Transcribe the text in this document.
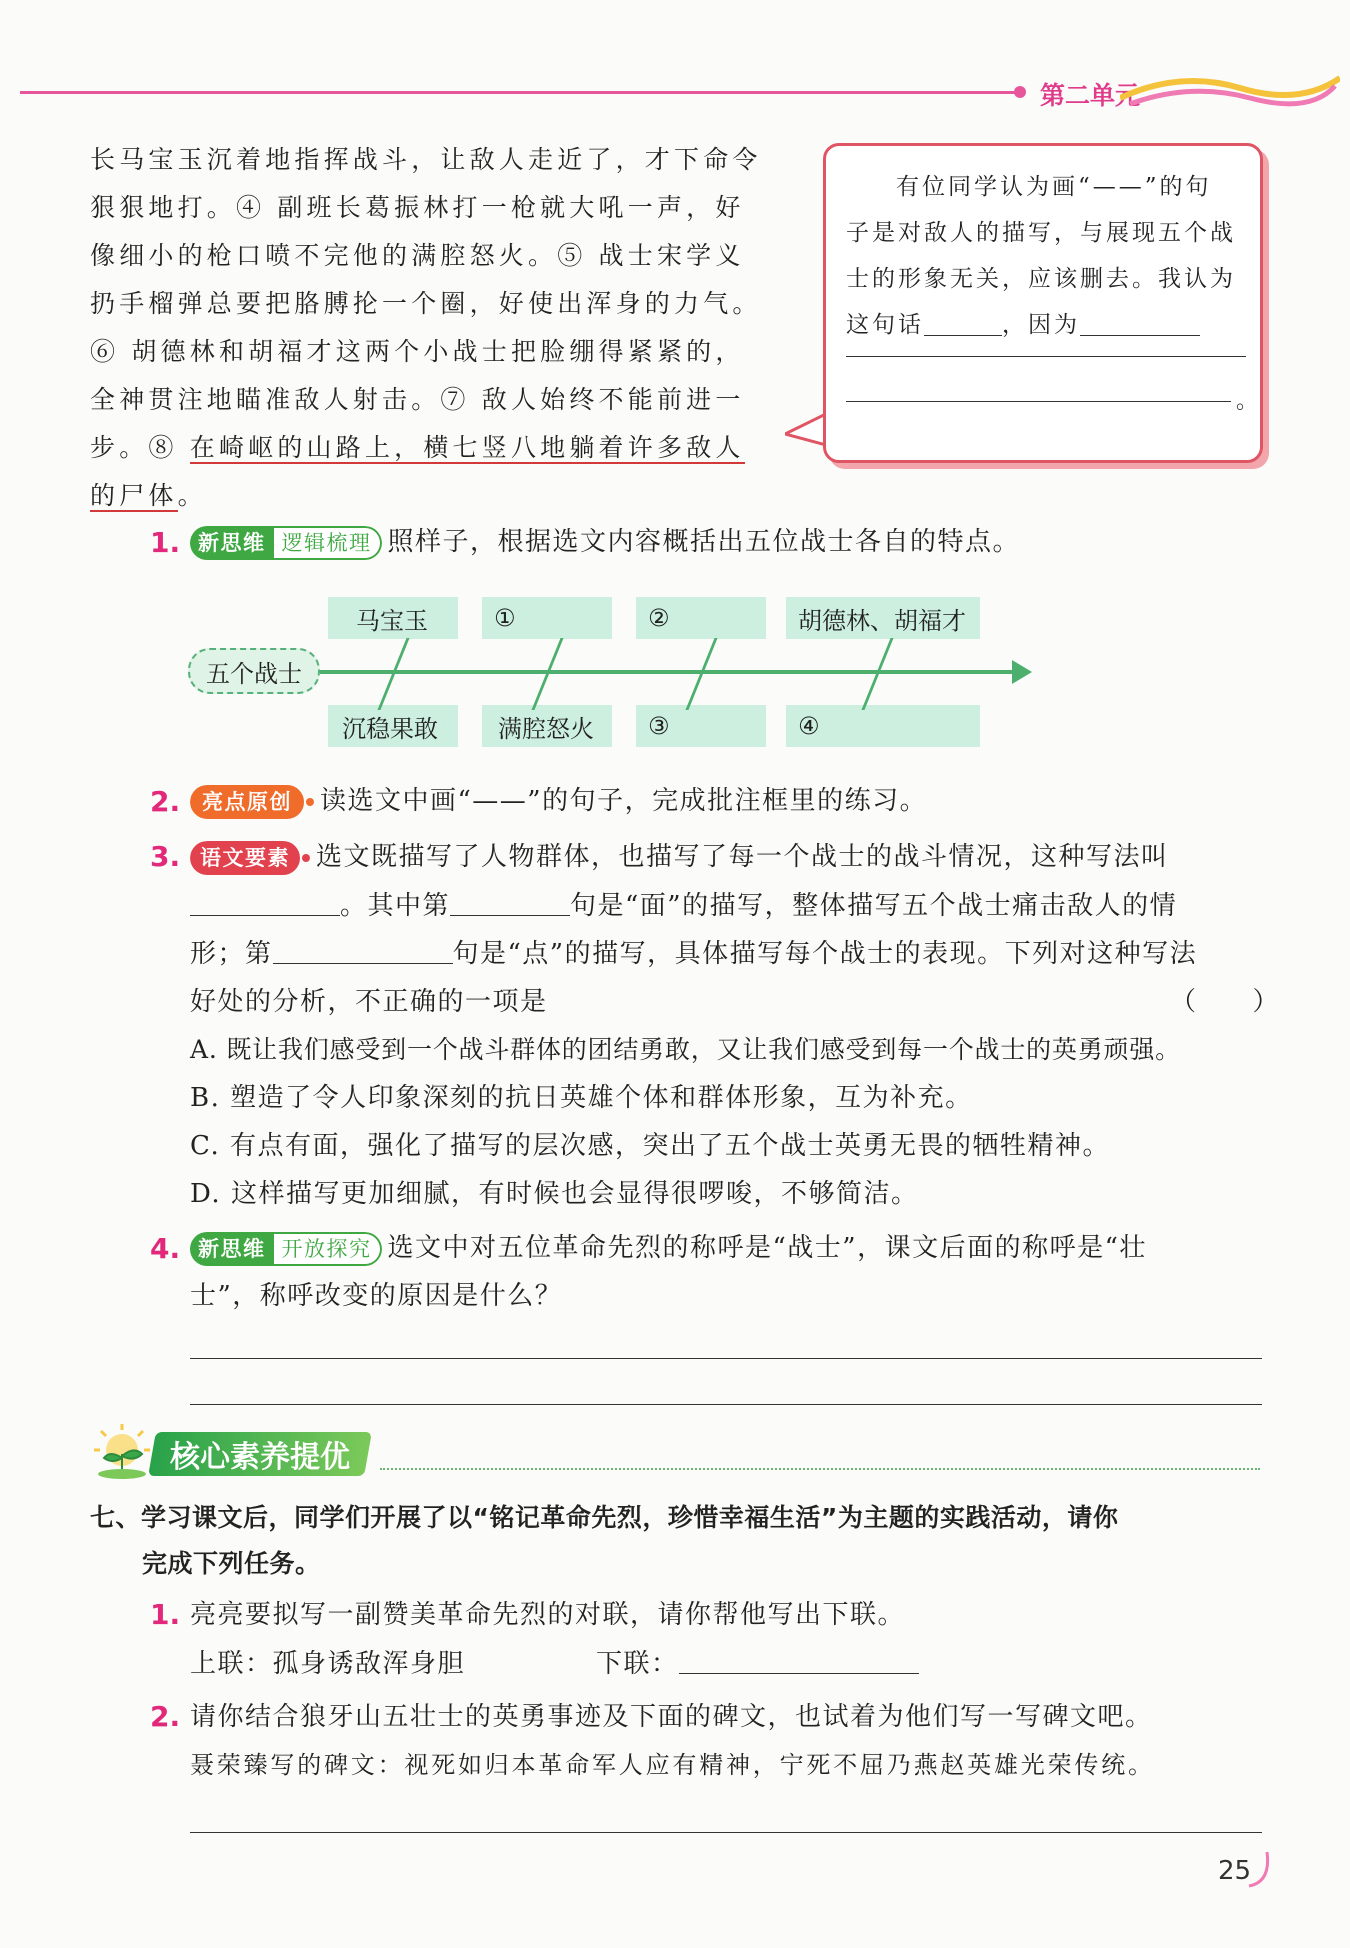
第二单元
长马宝玉沉着地指挥战斗，让敌人走近了，才下命令
狠狠地打。④ 副班长葛振林打一枪就大吼一声，好
像细小的枪口喷不完他的满腔怒火。⑤ 战士宋学义
扔手榴弹总要把胳膊抡一个圈，好使出浑身的力气。
⑥ 胡德林和胡福才这两个小战士把脸绷得紧紧的，
全神贯注地瞄准敌人射击。⑦ 敌人始终不能前进一
步。⑧ 在崎岖的山路上，横七竖八地躺着许多敌人
的尸体。
有位同学认为画“——”的句
子是对敌人的描写，与展现五个战
士的形象无关，应该删去。我认为
这句话	，因为
。
1. 新思维 逻辑梳理 照样子，根据选文内容概括出五位战士各自的特点。
五个战士
马宝玉	①	②	胡德林、胡福才
沉稳果敢	满腔怒火	③	④
2.	亮点原创	读选文中画“——”的句子，完成批注框里的练习。
3. 语文要素	选文既描写了人物群体，也描写了每一个战士的战斗情况，这种写法叫
。其中第	句是“面”的描写，整体描写五个战士痛击敌人的情
形；第	句是“点”的描写，具体描写每个战士的表现。下列对这种写法
好处的分析，不正确的一项是	（　　）
A. 既让我们感受到一个战斗群体的团结勇敢，又让我们感受到每一个战士的英勇顽强。
B. 塑造了令人印象深刻的抗日英雄个体和群体形象，互为补充。
C. 有点有面，强化了描写的层次感，突出了五个战士英勇无畏的牺牲精神。
D. 这样描写更加细腻，有时候也会显得很啰唆，不够简洁。
4. 新思维 开放探究 选文中对五位革命先烈的称呼是“战士”，课文后面的称呼是“壮
士”，称呼改变的原因是什么？
核心素养提优
七、学习课文后，同学们开展了以“铭记革命先烈，珍惜幸福生活”为主题的实践活动，请你
完成下列任务。
1. 亮亮要拟写一副赞美革命先烈的对联，请你帮他写出下联。
上联：孤身诱敌浑身胆	下联：
2. 请你结合狼牙山五壮士的英勇事迹及下面的碑文，也试着为他们写一写碑文吧。
聂荣臻写的碑文：视死如归本革命军人应有精神，宁死不屈乃燕赵英雄光荣传统。
25
